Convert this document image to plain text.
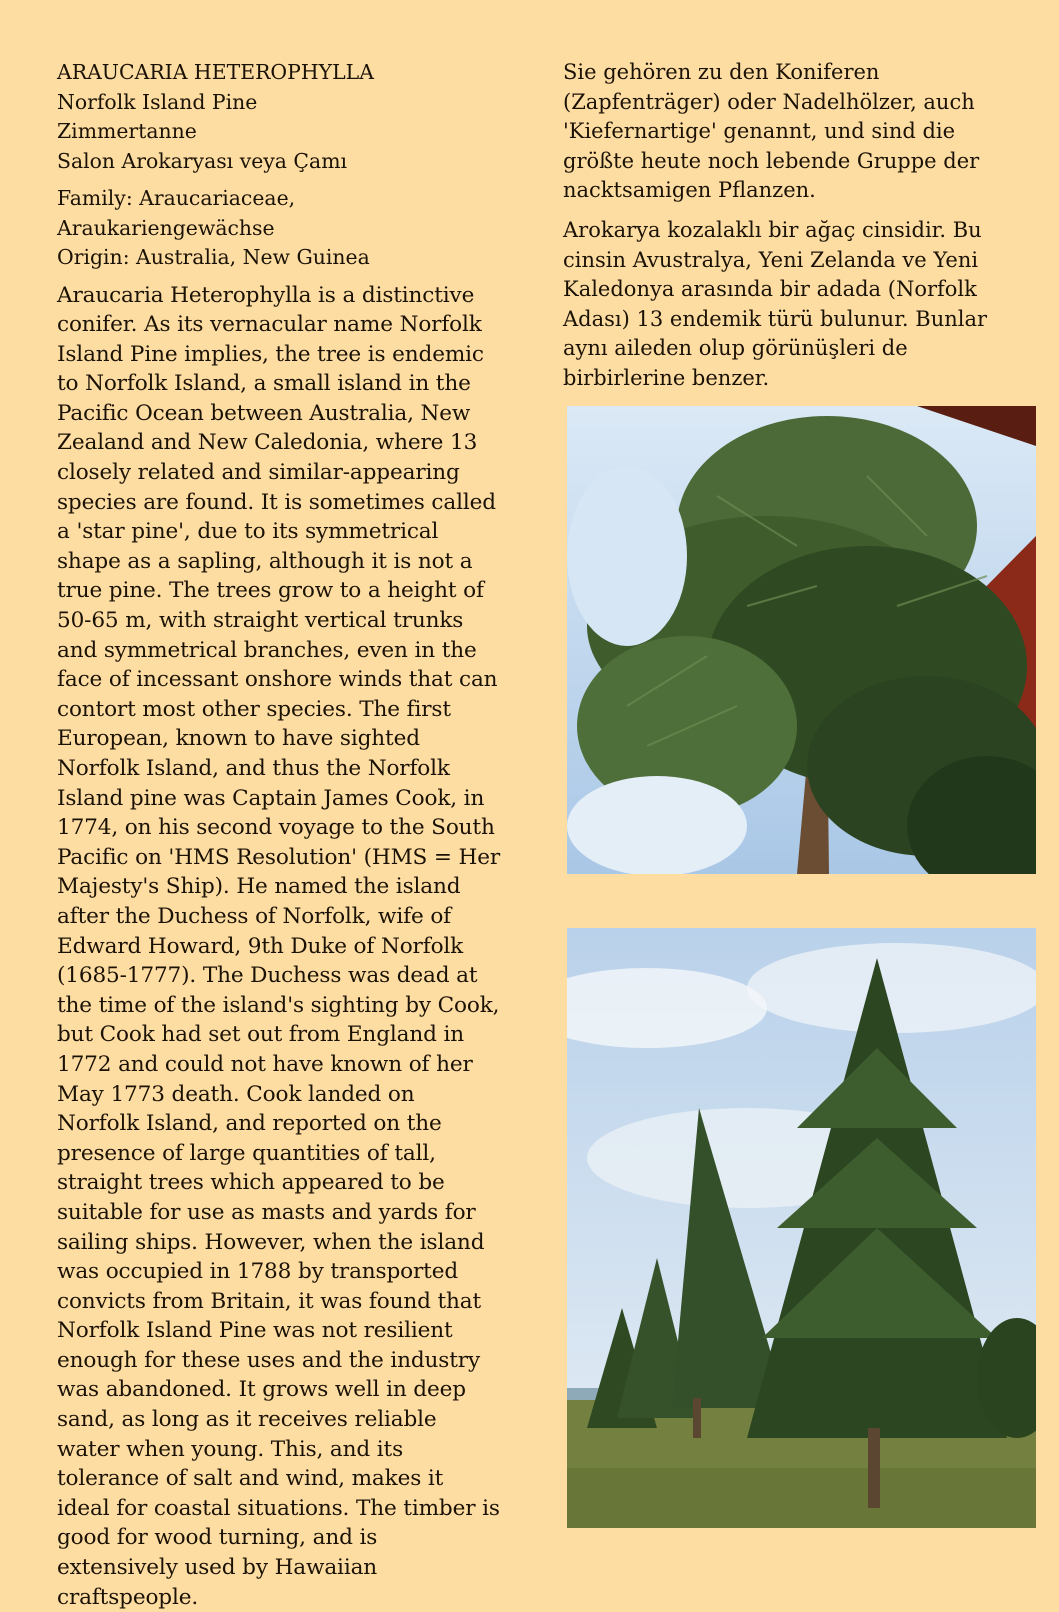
ARAUCARIA HETEROPHYLLA

Norfolk Island Pine

Zimmertanne

Salon Arokaryası veya Çamı

Family: Araucariaceae,

Araukariengewächse

Origin: Australia, New Guinea

Araucaria Heterophylla is a distinctive conifer. As its vernacular name Norfolk Island Pine implies, the tree is endemic to Norfolk Island, a small island in the Pacific Ocean between Australia, New Zealand and New Caledonia, where 13 closely related and similar-appearing species are found. It is sometimes called a 'star pine', due to its symmetrical shape as a sapling, although it is not a true pine. The trees grow to a height of 50-65 m, with straight vertical trunks and symmetrical branches, even in the face of incessant onshore winds that can contort most other species. The first European, known to have sighted Norfolk Island, and thus the Norfolk Island pine was Captain James Cook, in 1774, on his second voyage to the South Pacific on 'HMS Resolution' (HMS = Her Majesty's Ship). He named the island after the Duchess of Norfolk, wife of Edward Howard, 9th Duke of Norfolk (1685-1777). The Duchess was dead at the time of the island's sighting by Cook, but Cook had set out from England in 1772 and could not have known of her May 1773 death. Cook landed on Norfolk Island, and reported on the presence of large quantities of tall, straight trees which appeared to be suitable for use as masts and yards for sailing ships. However, when the island was occupied in 1788 by transported convicts from Britain, it was found that Norfolk Island Pine was not resilient enough for these uses and the industry was abandoned. It grows well in deep sand, as long as it receives reliable water when young. This, and its tolerance of salt and wind, makes it ideal for coastal situations. The timber is good for wood turning, and is extensively used by Hawaiian craftspeople.

Sie gehören zu den Koniferen (Zapfenträger) oder Nadelhölzer, auch 'Kiefernartige' genannt, und sind die größte heute noch lebende Gruppe der nacktsamigen Pflanzen.

Arokarya kozalaklı bir ağaç cinsidir. Bu cinsin Avustralya, Yeni Zelanda ve Yeni Kaledonya arasında bir adada (Norfolk Adası) 13 endemik türü bulunur. Bunlar aynı aileden olup görünüşleri de birbirlerine benzer.
